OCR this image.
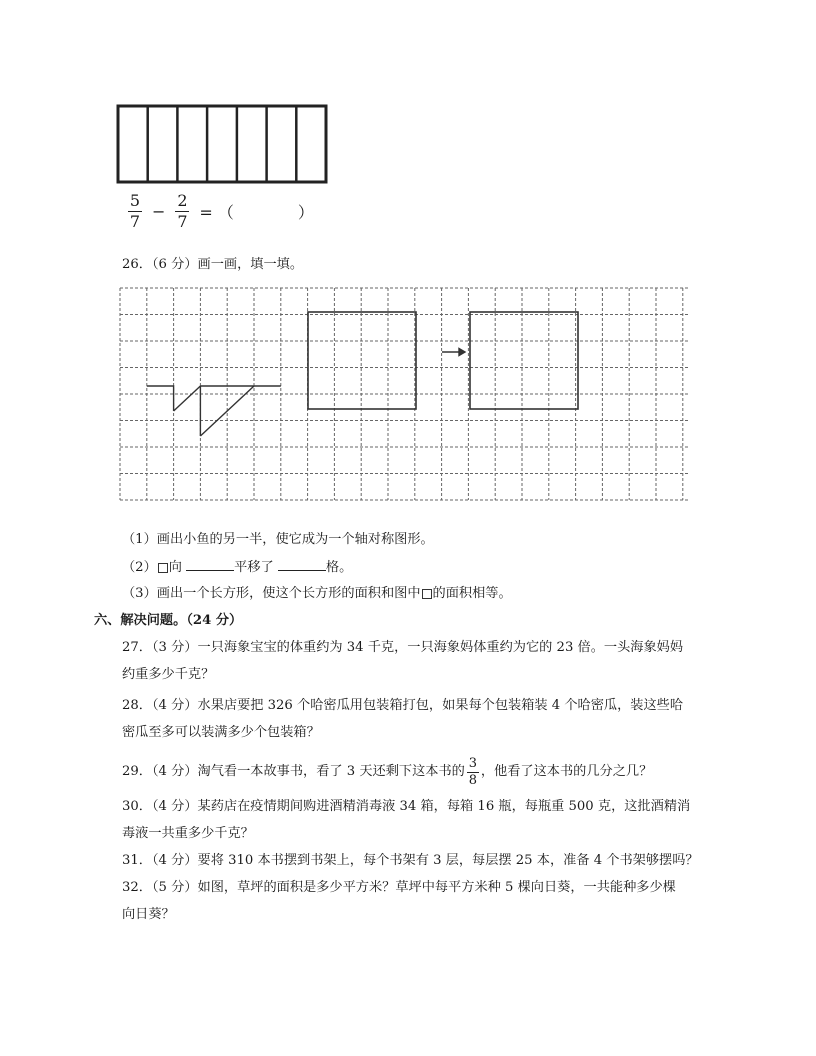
$\frac{5}{7} - \frac{2}{7}$ = （	）
26．（6 分）画一画，填一填。
（1）画出小鱼的另一半，使它成为一个轴对称图形。
（2） 向	平移了	格。
（3）画出一个长方形，使这个长方形的面积和图中 的面积相等。
六、解决问题。（24 分）
27．（3 分）一只海象宝宝的体重约为 34 千克，一只海象妈体重约为它的 23 倍。一头海象妈妈
约重多少千克？
28．（4 分）水果店要把 326 个哈密瓜用包装箱打包，如果每个包装箱装 4 个哈密瓜，装这些哈
密瓜至多可以装满多少个包装箱？
29．（4 分）淘气看一本故事书，看了 3 天还剩下这本书的 $\frac{3}{8}$ ，他看了这本书的几分之几？
30．（4 分）某药店在疫情期间购进酒精消毒液 34 箱，每箱 16 瓶，每瓶重 500 克，这批酒精消
毒液一共重多少千克？
31．（4 分）要将 310 本书摆到书架上，每个书架有 3 层，每层摆 25 本，准备 4 个书架够摆吗？
32．（5 分）如图，草坪的面积是多少平方米？草坪中每平方米种 5 棵向日葵，一共能种多少棵
向日葵？
